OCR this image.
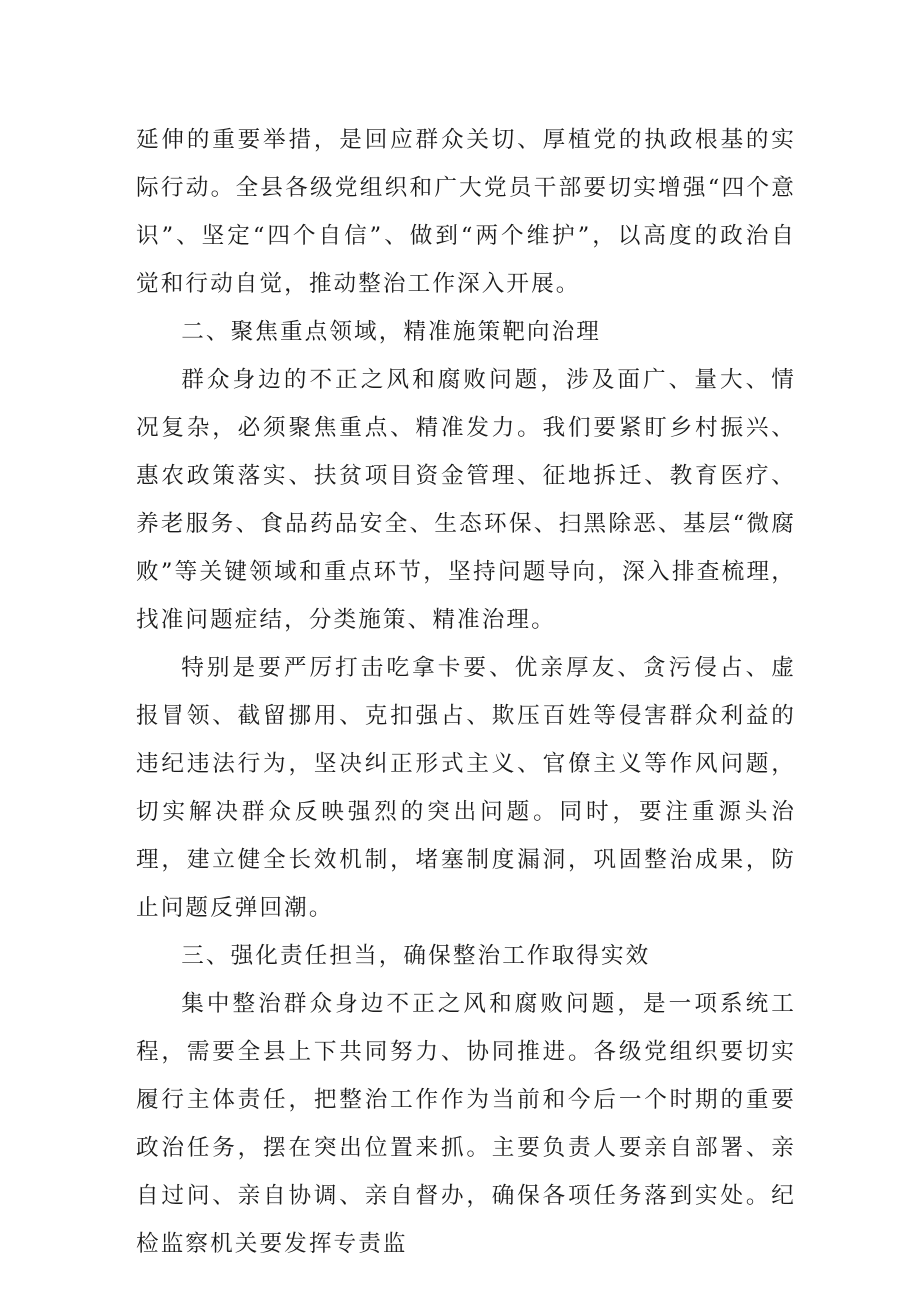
延伸的重要举措，是回应群众关切、厚植党的执政根基的实际行动。全县各级党组织和广大党员干部要切实增强“四个意识”、坚定“四个自信”、做到“两个维护”，以高度的政治自觉和行动自觉，推动整治工作深入开展。

二、聚焦重点领域，精准施策靶向治理

群众身边的不正之风和腐败问题，涉及面广、量大、情况复杂，必须聚焦重点、精准发力。我们要紧盯乡村振兴、惠农政策落实、扶贫项目资金管理、征地拆迁、教育医疗、养老服务、食品药品安全、生态环保、扫黑除恶、基层“微腐败”等关键领域和重点环节，坚持问题导向，深入排查梳理，找准问题症结，分类施策、精准治理。

特别是要严厉打击吃拿卡要、优亲厚友、贪污侵占、虚报冒领、截留挪用、克扣强占、欺压百姓等侵害群众利益的违纪违法行为，坚决纠正形式主义、官僚主义等作风问题，切实解决群众反映强烈的突出问题。同时，要注重源头治理，建立健全长效机制，堵塞制度漏洞，巩固整治成果，防止问题反弹回潮。

三、强化责任担当，确保整治工作取得实效

集中整治群众身边不正之风和腐败问题，是一项系统工程，需要全县上下共同努力、协同推进。各级党组织要切实履行主体责任，把整治工作作为当前和今后一个时期的重要政治任务，摆在突出位置来抓。主要负责人要亲自部署、亲自过问、亲自协调、亲自督办，确保各项任务落到实处。纪检监察机关要发挥专责监
